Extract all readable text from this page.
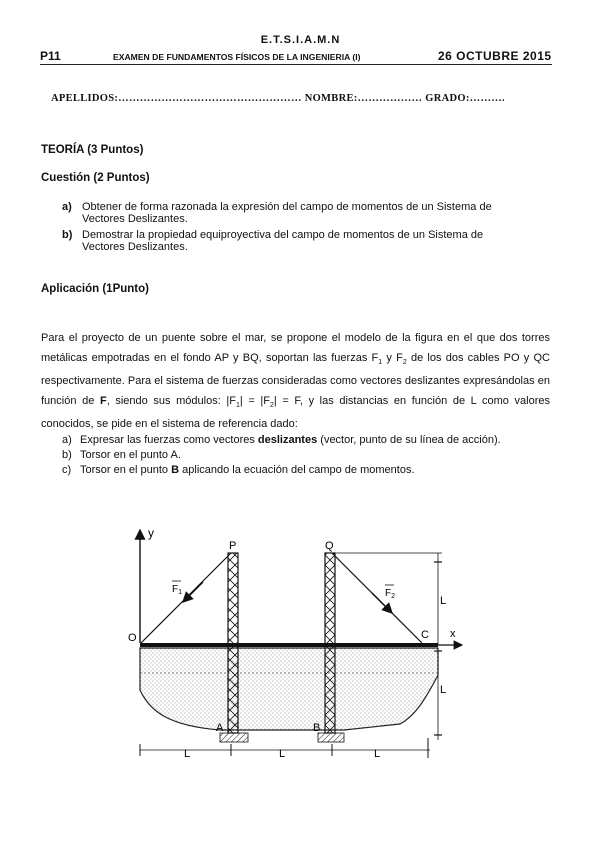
E.T.S.I.A.M.N
P11	EXAMEN DE FUNDAMENTOS FÍSICOS DE LA INGENIERIA (I)	26 OCTUBRE 2015
APELLIDOS:…………………………………………… NOMBRE:……………… GRADO:……….
TEORÍA (3 Puntos)
Cuestión (2 Puntos)
a) Obtener de forma razonada la expresión del campo de momentos de un Sistema de
Vectores Deslizantes.
b) Demostrar la propiedad equiproyectiva del campo de momentos de un Sistema de
Vectores Deslizantes.
Aplicación (1Punto)
Para el proyecto de un puente sobre el mar, se propone el modelo de la figura en el que dos torres metálicas empotradas en el fondo AP y BQ, soportan las fuerzas $F_1$ y $F_2$ de los dos cables PO y QC respectivamente. Para el sistema de fuerzas consideradas como vectores deslizantes expresándolas en función de F, siendo sus módulos: $|F_1| = |F_2| = F$, y las distancias en función de L como valores conocidos, se pide en el sistema de referencia dado:
a) Expresar las fuerzas como vectores deslizantes (vector, punto de su línea de acción).
b) Torsor en el punto A.
c) Torsor en el punto B aplicando la ecuación del campo de momentos.
y
x
O
P	Q
C
A	B
$F_1$	$F_2$	L
L
L	L	L
